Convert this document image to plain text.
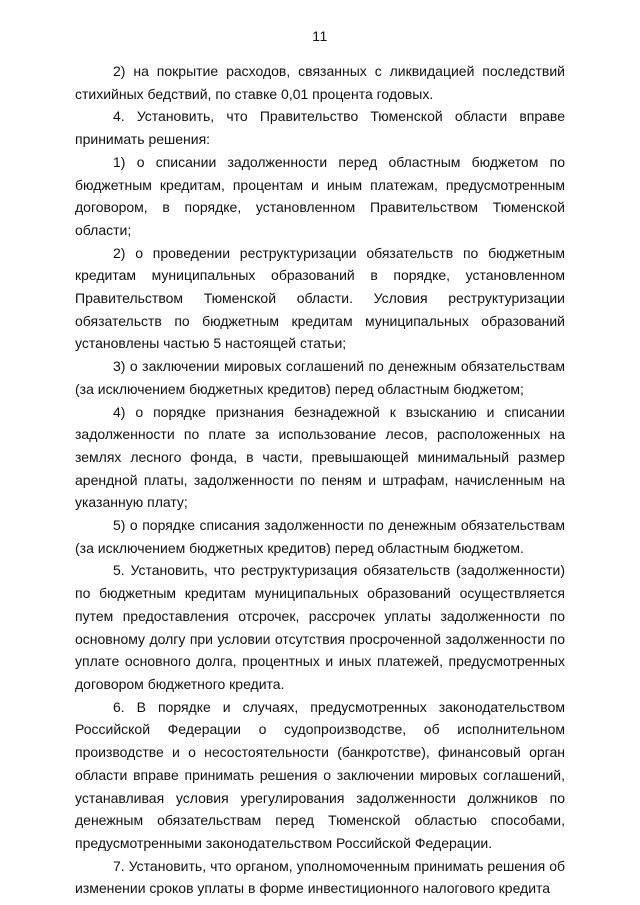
11

2) на покрытие расходов, связанных с ликвидацией последствий стихийных бедствий, по ставке 0,01 процента годовых.

4. Установить, что Правительство Тюменской области вправе принимать решения:

1) о списании задолженности перед областным бюджетом по бюджетным кредитам, процентам и иным платежам, предусмотренным договором, в порядке, установленном Правительством Тюменской области;

2) о проведении реструктуризации обязательств по бюджетным кредитам муниципальных образований в порядке, установленном Правительством Тюменской области. Условия реструктуризации обязательств по бюджетным кредитам муниципальных образований установлены частью 5 настоящей статьи;

3) о заключении мировых соглашений по денежным обязательствам (за исключением бюджетных кредитов) перед областным бюджетом;

4) о порядке признания безнадежной к взысканию и списании задолженности по плате за использование лесов, расположенных на землях лесного фонда, в части, превышающей минимальный размер арендной платы, задолженности по пеням и штрафам, начисленным на указанную плату;

5) о порядке списания задолженности по денежным обязательствам (за исключением бюджетных кредитов) перед областным бюджетом.

5. Установить, что реструктуризация обязательств (задолженности) по бюджетным кредитам муниципальных образований осуществляется путем предоставления отсрочек, рассрочек уплаты задолженности по основному долгу при условии отсутствия просроченной задолженности по уплате основного долга, процентных и иных платежей, предусмотренных договором бюджетного кредита.

6. В порядке и случаях, предусмотренных законодательством Российской Федерации о судопроизводстве, об исполнительном производстве и о несостоятельности (банкротстве), финансовый орган области вправе принимать решения о заключении мировых соглашений, устанавливая условия урегулирования задолженности должников по денежным обязательствам перед Тюменской областью способами, предусмотренными законодательством Российской Федерации.

7. Установить, что органом, уполномоченным принимать решения об изменении сроков уплаты в форме инвестиционного налогового кредита
